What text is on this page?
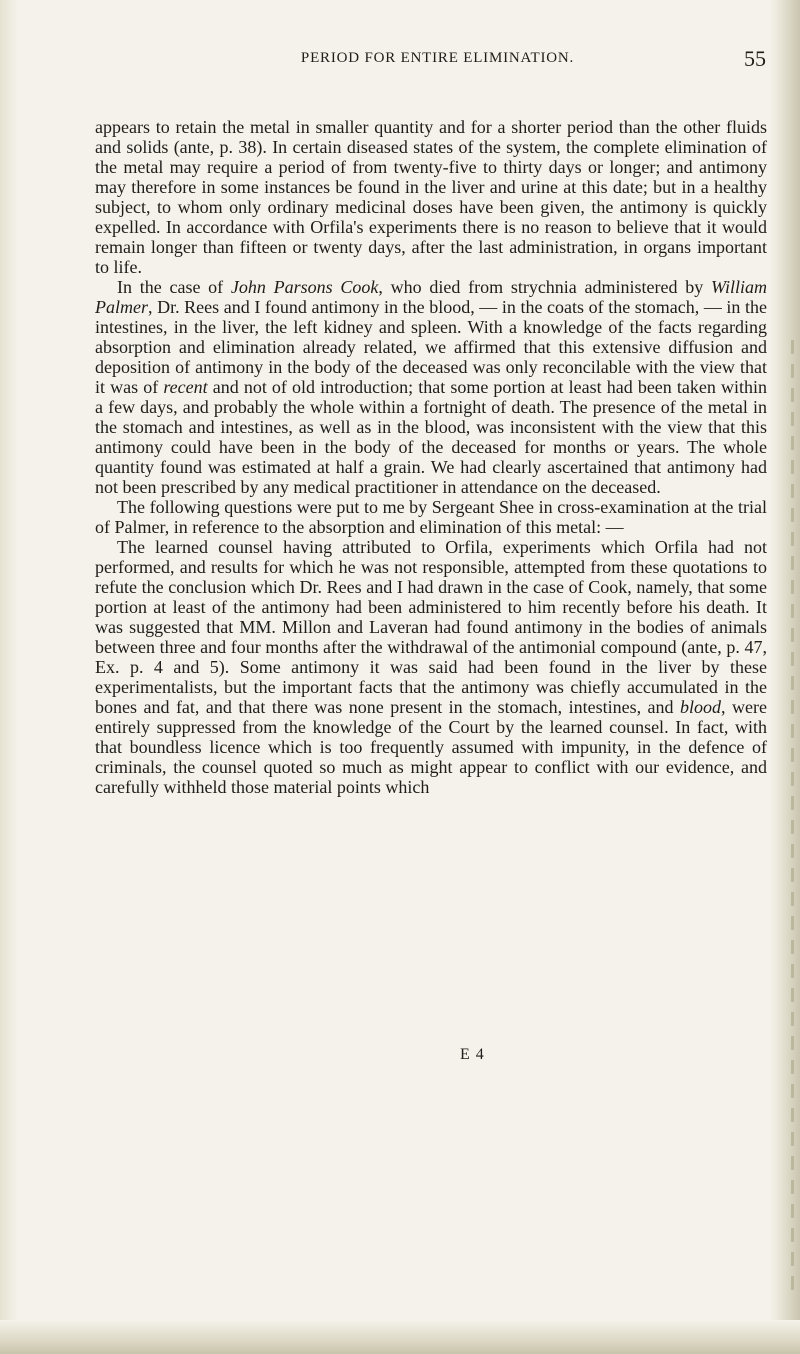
PERIOD FOR ENTIRE ELIMINATION.	55

appears to retain the metal in smaller quantity and for a shorter period than the other fluids and solids (ante, p. 38). In certain diseased states of the system, the complete elimination of the metal may require a period of from twenty-five to thirty days or longer; and antimony may therefore in some instances be found in the liver and urine at this date; but in a healthy subject, to whom only ordinary medicinal doses have been given, the antimony is quickly expelled. In accordance with Orfila's experiments there is no reason to believe that it would remain longer than fifteen or twenty days, after the last administration, in organs important to life.

In the case of John Parsons Cook, who died from strychnia administered by William Palmer, Dr. Rees and I found antimony in the blood, — in the coats of the stomach, — in the intestines, in the liver, the left kidney and spleen. With a knowledge of the facts regarding absorption and elimination already related, we affirmed that this extensive diffusion and deposition of antimony in the body of the deceased was only reconcilable with the view that it was of recent and not of old introduction; that some portion at least had been taken within a few days, and probably the whole within a fortnight of death. The presence of the metal in the stomach and intestines, as well as in the blood, was inconsistent with the view that this antimony could have been in the body of the deceased for months or years. The whole quantity found was estimated at half a grain. We had clearly ascertained that antimony had not been prescribed by any medical practitioner in attendance on the deceased.

The following questions were put to me by Sergeant Shee in cross-examination at the trial of Palmer, in reference to the absorption and elimination of this metal: —

The learned counsel having attributed to Orfila, experiments which Orfila had not performed, and results for which he was not responsible, attempted from these quotations to refute the conclusion which Dr. Rees and I had drawn in the case of Cook, namely, that some portion at least of the antimony had been administered to him recently before his death. It was suggested that MM. Millon and Laveran had found antimony in the bodies of animals between three and four months after the withdrawal of the antimonial compound (ante, p. 47, Ex. p. 4 and 5). Some antimony it was said had been found in the liver by these experimentalists, but the important facts that the antimony was chiefly accumulated in the bones and fat, and that there was none present in the stomach, intestines, and blood, were entirely suppressed from the knowledge of the Court by the learned counsel. In fact, with that boundless licence which is too frequently assumed with impunity, in the defence of criminals, the counsel quoted so much as might appear to conflict with our evidence, and carefully withheld those material points which

E 4
